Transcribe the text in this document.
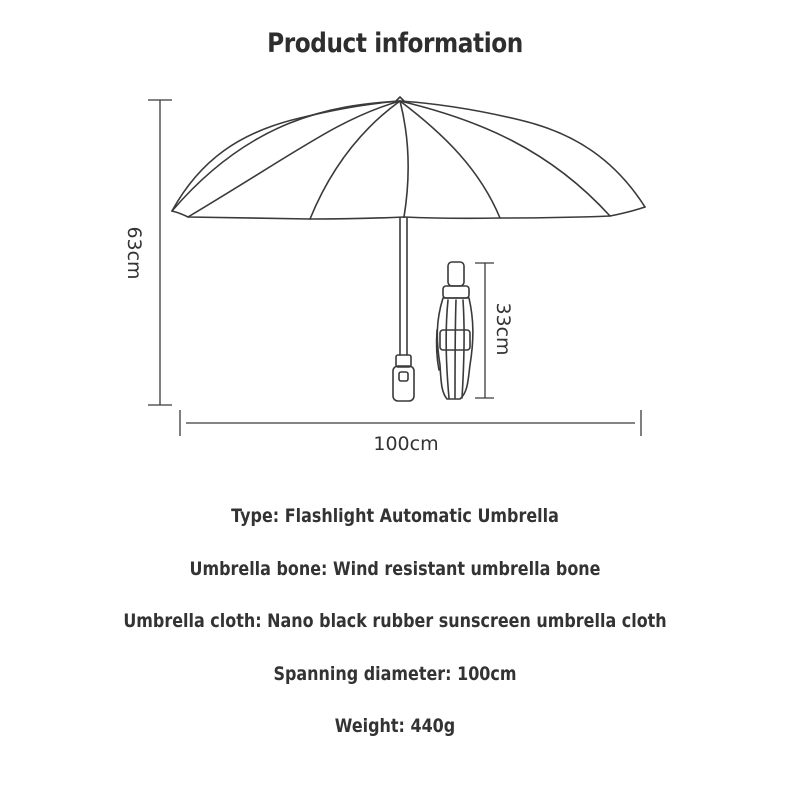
Product information
63cm
33cm
100cm
Type: Flashlight Automatic Umbrella
Umbrella bone: Wind resistant umbrella bone
Umbrella cloth: Nano black rubber sunscreen umbrella cloth
Spanning diameter: 100cm
Weight: 440g
